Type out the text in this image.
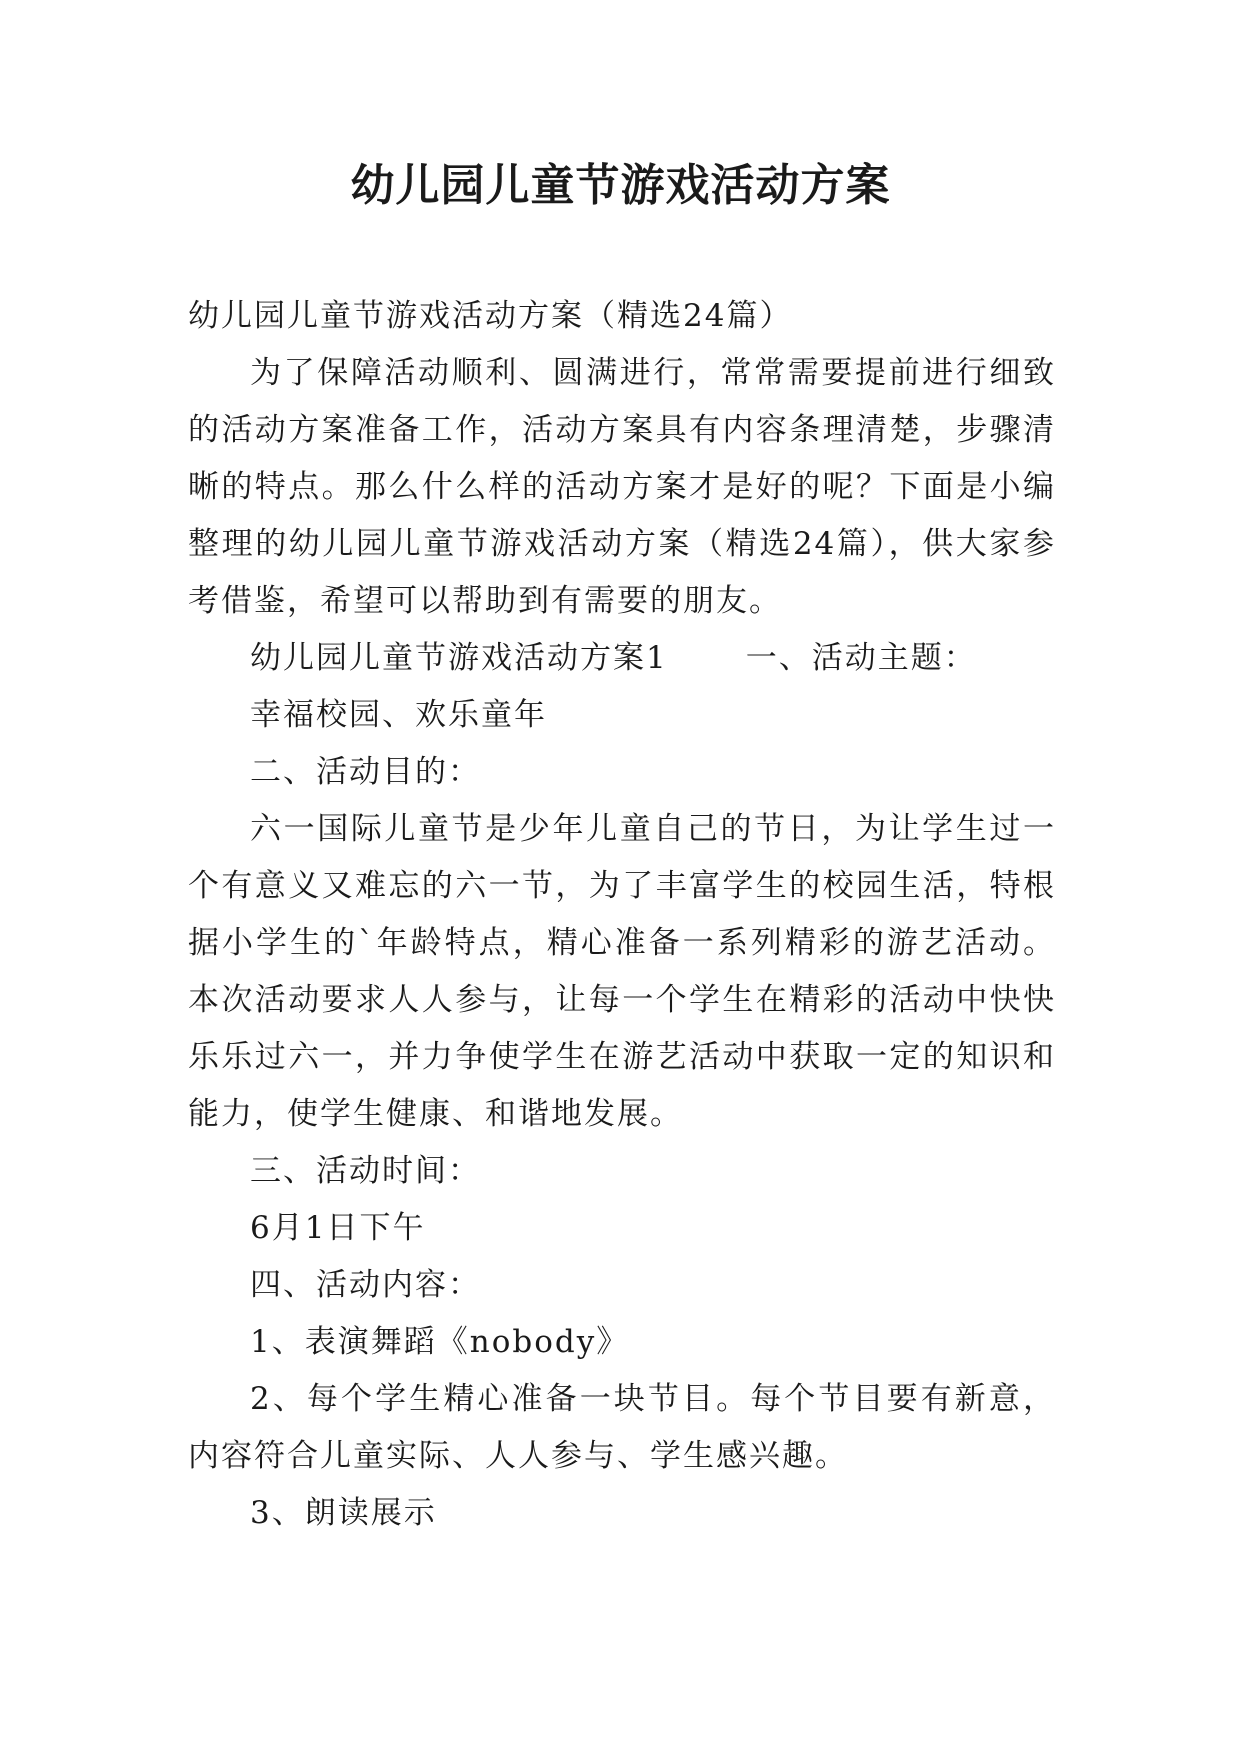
幼儿园儿童节游戏活动方案

幼儿园儿童节游戏活动方案（精选24篇）

为了保障活动顺利、圆满进行，常常需要提前进行细致的活动方案准备工作，活动方案具有内容条理清楚，步骤清晰的特点。那么什么样的活动方案才是好的呢？下面是小编整理的幼儿园儿童节游戏活动方案（精选24篇），供大家参考借鉴，希望可以帮助到有需要的朋友。

幼儿园儿童节游戏活动方案1	一、活动主题：

幸福校园、欢乐童年

二、活动目的：

六一国际儿童节是少年儿童自己的节日，为让学生过一个有意义又难忘的六一节，为了丰富学生的校园生活，特根据小学生的`年龄特点，精心准备一系列精彩的游艺活动。本次活动要求人人参与，让每一个学生在精彩的活动中快快乐乐过六一，并力争使学生在游艺活动中获取一定的知识和能力，使学生健康、和谐地发展。

三、活动时间：

6月1日下午

四、活动内容：

1、表演舞蹈《nobody》

2、每个学生精心准备一块节目。每个节目要有新意，内容符合儿童实际、人人参与、学生感兴趣。

3、朗读展示
